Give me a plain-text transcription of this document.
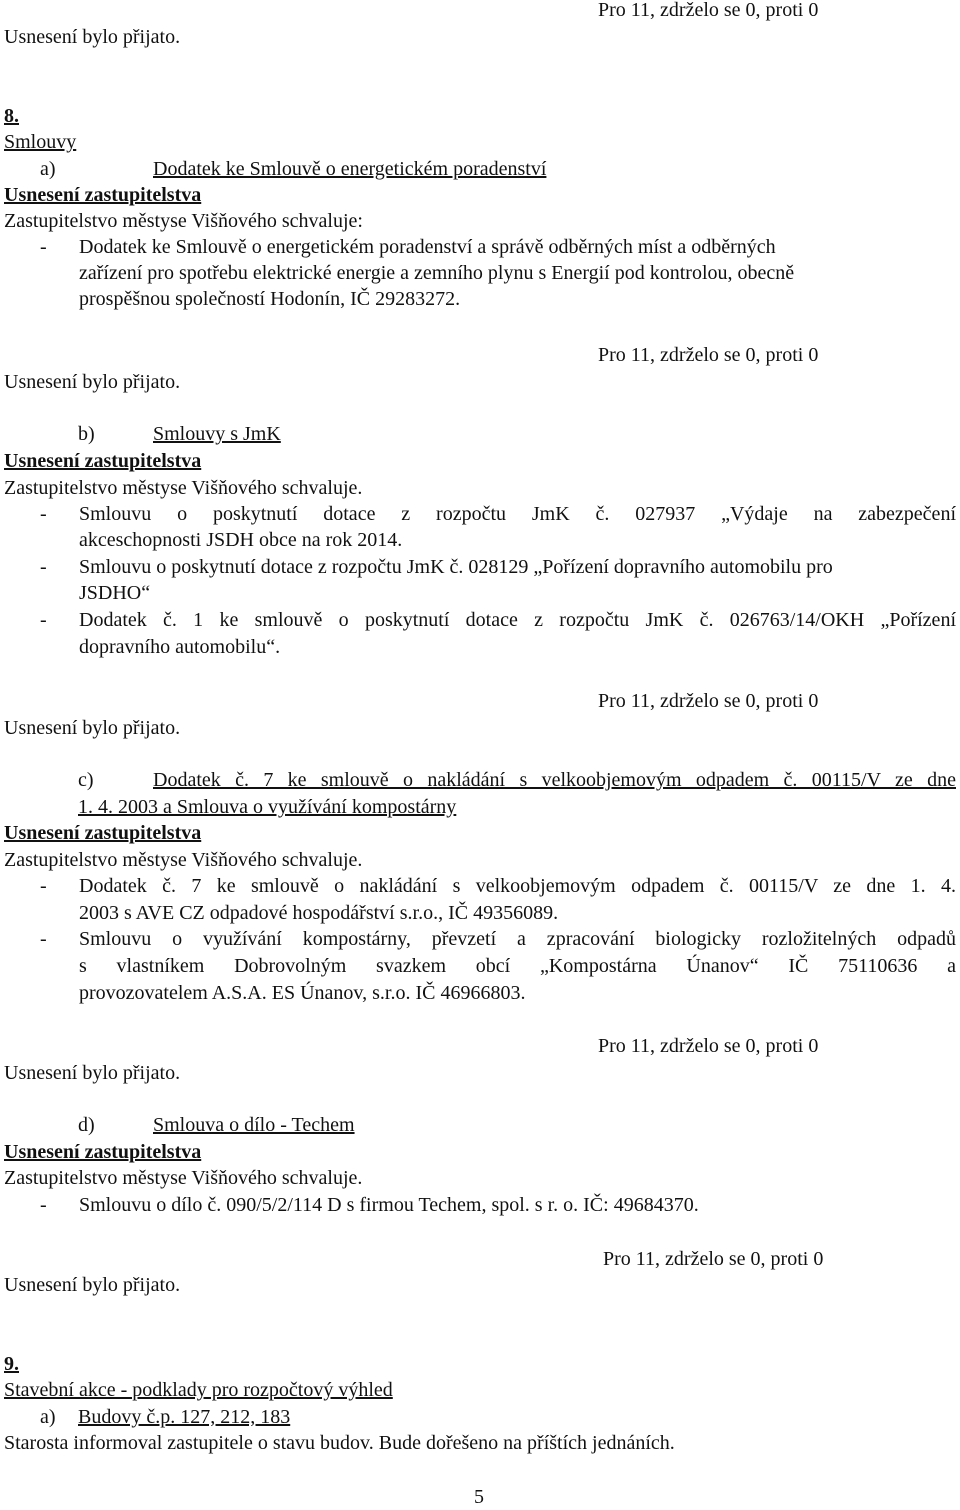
Pro 11, zdrželo se 0, proti 0
Usnesení bylo přijato.
8.
Smlouvy
a)	Dodatek ke Smlouvě o energetickém poradenství
Usnesení zastupitelstva
Zastupitelstvo městyse Višňového schvaluje:
- Dodatek ke Smlouvě o energetickém poradenství a správě odběrných míst a odběrných
zařízení pro spotřebu elektrické energie a zemního plynu s Energií pod kontrolou, obecně
prospěšnou společností Hodonín, IČ 29283272.
Pro 11, zdrželo se 0, proti 0
Usnesení bylo přijato.
b)	Smlouvy s JmK
Usnesení zastupitelstva
Zastupitelstvo městyse Višňového schvaluje.
- Smlouvu o poskytnutí dotace z rozpočtu JmK č. 027937 „Výdaje na zabezpečení
akceschopnosti JSDH obce na rok 2014.
- Smlouvu o poskytnutí dotace z rozpočtu JmK č. 028129 „Pořízení dopravního automobilu pro
JSDHO“
- Dodatek č. 1 ke smlouvě o poskytnutí dotace z rozpočtu JmK č. 026763/14/OKH „Pořízení
dopravního automobilu“.
Pro 11, zdrželo se 0, proti 0
Usnesení bylo přijato.
c)	Dodatek č. 7 ke smlouvě o nakládání s velkoobjemovým odpadem č. 00115/V ze dne
1. 4. 2003 a Smlouva o využívání kompostárny
Usnesení zastupitelstva
Zastupitelstvo městyse Višňového schvaluje.
- Dodatek č. 7 ke smlouvě o nakládání s velkoobjemovým odpadem č. 00115/V ze dne 1. 4.
2003 s AVE CZ odpadové hospodářství s.r.o., IČ 49356089.
- Smlouvu o využívání kompostárny, převzetí a zpracování biologicky rozložitelných odpadů
s vlastníkem Dobrovolným svazkem obcí „Kompostárna Únanov“ IČ 75110636 a
provozovatelem A.S.A. ES Únanov, s.r.o. IČ 46966803.
Pro 11, zdrželo se 0, proti 0
Usnesení bylo přijato.
d)	Smlouva o dílo - Techem
Usnesení zastupitelstva
Zastupitelstvo městyse Višňového schvaluje.
- Smlouvu o dílo č. 090/5/2/114 D s firmou Techem, spol. s r. o. IČ: 49684370.
Pro 11, zdrželo se 0, proti 0
Usnesení bylo přijato.
9.
Stavební akce - podklady pro rozpočtový výhled
a) Budovy č.p. 127, 212, 183
Starosta informoval zastupitele o stavu budov. Bude dořešeno na příštích jednáních.
5
